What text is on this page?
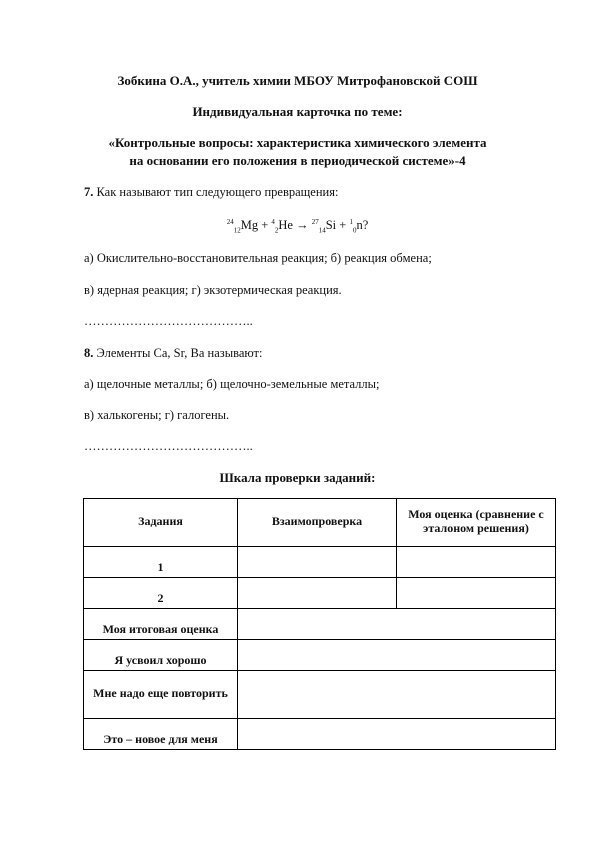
Зобкина О.А., учитель химии МБОУ Митрофановской СОШ
Индивидуальная карточка по теме:
«Контрольные вопросы: характеристика химического элемента
на основании его положения в периодической системе»-4
7. Как называют тип следующего превращения:
$^{24}_{12}$Mg + $^4_2$He → $^{27}_{14}$Si + $^1_0$n?
а) Окислительно-восстановительная реакция; б) реакция обмена;
в) ядерная реакция; г) экзотермическая реакция.
…………………………………..
8. Элементы Ca, Sr, Ba называют:
а) щелочные металлы; б) щелочно-земельные металлы;
в) халькогены; г) галогены.
…………………………………..
Шкала проверки заданий:
Задания	Взаимопроверка	Моя оценка (сравнение с эталоном решения)
1		
2		
Моя итоговая оценка		
Я усвоил хорошо		
Мне надо еще повторить		
Это – новое для меня		
